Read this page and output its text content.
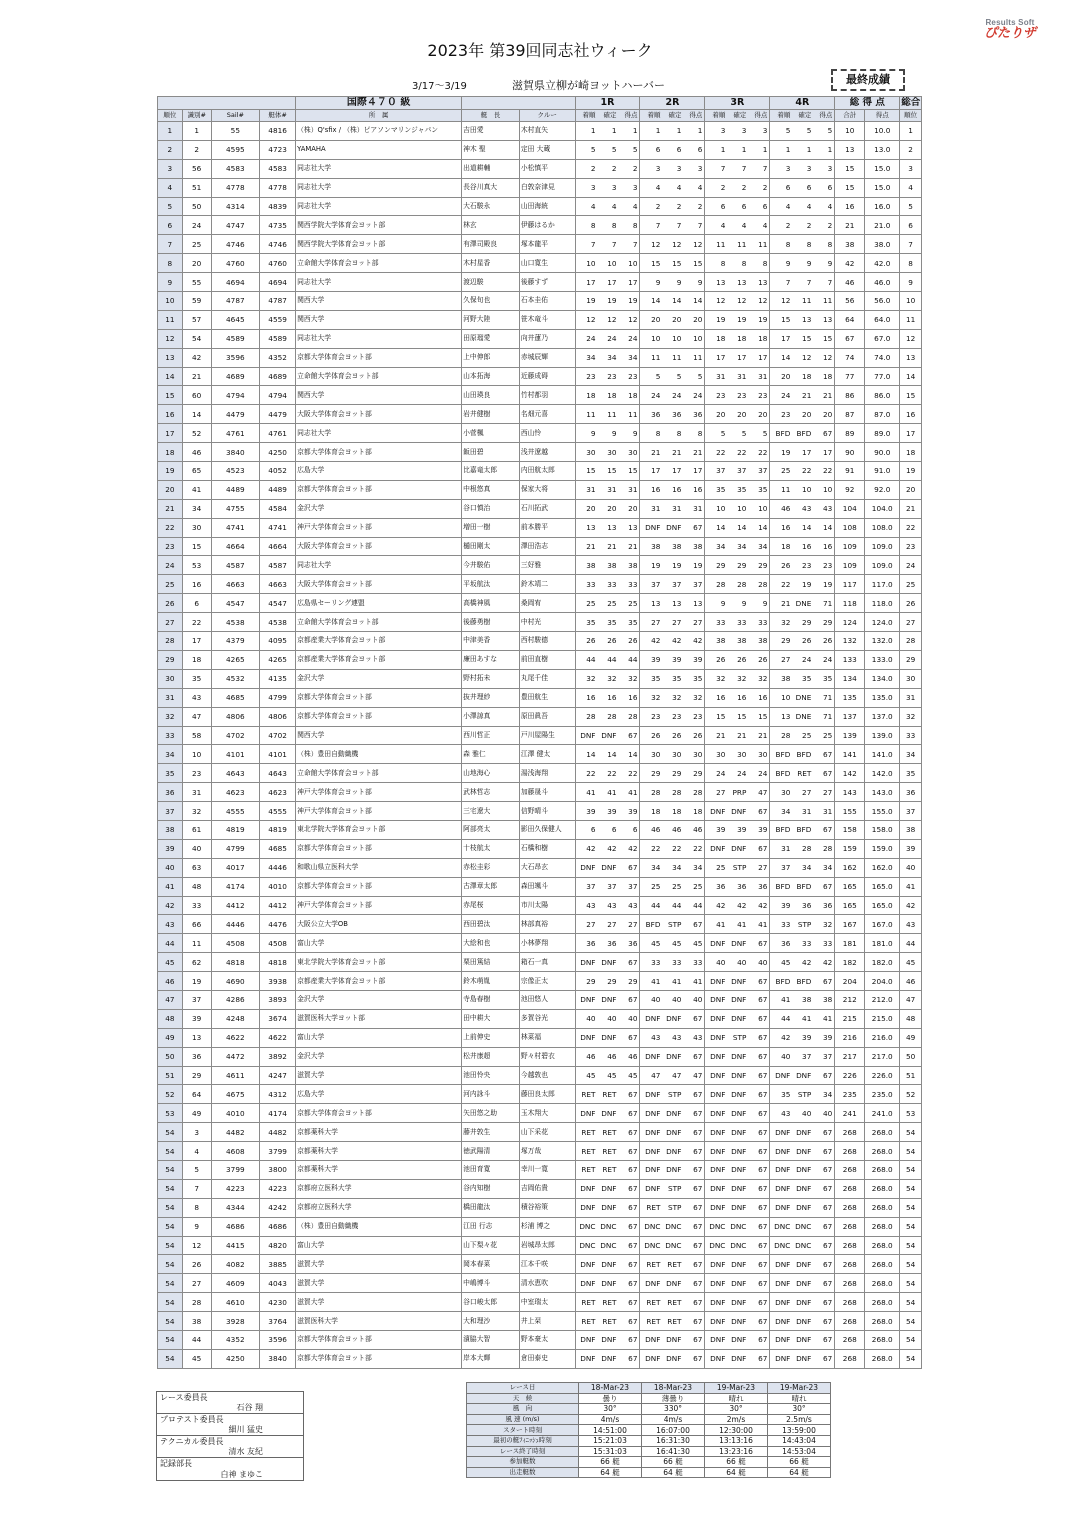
Results Soft
ぴたりザ
2023年 第39回同志社ウィーク
3/17～3/19	滋賀県立柳が崎ヨットハーバー	最終成績
				国際４７０ 級			1R	2R	3R	4R	総 得 点		総合
順位	識別#	Sail#	艇体#	所　属	艇　長	クルー	着順 確定 得点	着順 確定 得点	着順 確定 得点	着順 確定 得点	合計	得点	順位
1	1	55	4816	（株）Q'sfix / （株）ピアソンマリンジャパン	吉田愛	木村直矢	1 1 1	1 1 1	3 3 3	5 5 5	10	10.0	1
2	2	4595	4723	YAMAHA	神木 聖	定田 大蔵	5 5 5	6 6 6	1 1 1	1 1 1	13	13.0	2
3	56	4583	4583	同志社大学	出道耕輔	小松慎平	2 2 2	3 3 3	7 7 7	3 3 3	15	15.0	3
4	51	4778	4778	同志社大学	長谷川真大	白敦奈津見	3 3 3	4 4 4	2 2 2	6 6 6	15	15.0	4
5	50	4314	4839	同志社大学	大石駿永	山田海統	4 4 4	2 2 2	6 6 6	4 4 4	16	16.0	5
6	24	4747	4735	関西学院大学体育会ヨット部	林玄	伊藤はるか	8 8 8	7 7 7	4 4 4	2 2 2	21	21.0	6
7	25	4746	4746	関西学院大学体育会ヨット部	有澤司殿良	塚本龍平	7 7 7	12 12 12	11 11 11	8 8 8	38	38.0	7
8	20	4760	4760	立命館大学体育会ヨット部	木村星香	山口寛生	10 10 10	15 15 15	8 8 8	9 9 9	42	42.0	8
9	55	4694	4694	同志社大学	渡辺駿	後藤すず	17 17 17	9 9 9	13 13 13	7 7 7	46	46.0	9
10	59	4787	4787	関西大学	久保旬也	石本圭佑	19 19 19	14 14 14	12 12 12	12 11 11	56	56.0	10
11	57	4645	4559	関西大学	河野大陸	笹木竜斗	12 12 12	20 20 20	19 19 19	15 13 13	64	64.0	11
12	54	4589	4589	同志社大学	田原瑠愛	向井蓮乃	24 24 24	10 10 10	18 18 18	17 15 15	67	67.0	12
13	42	3596	4352	京都大学体育会ヨット部	上中伸郎	赤城辰輝	34 34 34	11 11 11	17 17 17	14 12 12	74	74.0	13
14	21	4689	4689	立命館大学体育会ヨット部	山本拓海	近藤成碍	23 23 23	5 5 5	31 31 31	20 18 18	77	77.0	14
15	60	4794	4794	関西大学	山田瑛良	竹村都羽	18 18 18	24 24 24	23 23 23	24 21 21	86	86.0	15
16	14	4479	4479	大阪大学体育会ヨット部	岩井健樹	名畑元喜	11 11 11	36 36 36	20 20 20	23 20 20	87	87.0	16
17	52	4761	4761	同志社大学	小菅楓	西山怜	9 9 9	8 8 8	5 5 5	BFD BFD 67	89	89.0	17
18	46	3840	4250	京都大学体育会ヨット部	飯田碧	浅井遼越	30 30 30	21 21 21	22 22 22	19 17 17	90	90.0	18
19	65	4523	4052	広島大学	比嘉竜太郎	内田航太郎	15 15 15	17 17 17	37 37 37	25 22 22	91	91.0	19
20	41	4489	4489	京都大学体育会ヨット部	中根悠真	保家大将	31 31 31	16 16 16	35 35 35	11 10 10	92	92.0	20
21	34	4755	4584	金沢大学	谷口慎治	石川拓武	20 20 20	31 31 31	10 10 10	46 43 43	104	104.0	21
22	30	4741	4741	神戸大学体育会ヨット部	増田一樹	前本勝平	13 13 13	DNF DNF 67	14 14 14	16 14 14	108	108.0	22
23	15	4664	4664	大阪大学体育会ヨット部	樋田剛太	澤田浩志	21 21 21	38 38 38	34 34 34	18 16 16	109	109.0	23
24	53	4587	4587	同志社大学	今井駿佑	三好雅	38 38 38	19 19 19	29 29 29	26 23 23	109	109.0	24
25	16	4663	4663	大阪大学体育会ヨット部	平坂航汰	鈴木靖二	33 33 33	37 37 37	28 28 28	22 19 19	117	117.0	25
26	6	4547	4547	広島県セーリング連盟	高橋神風	桑岡宥	25 25 25	13 13 13	9 9 9	21 DNE 71	118	118.0	26
27	22	4538	4538	立命館大学体育会ヨット部	後藤勇樹	中村光	35 35 35	27 27 27	33 33 33	32 29 29	124	124.0	27
28	17	4379	4095	京都産業大学体育会ヨット部	中津美香	西村駿德	26 26 26	42 42 42	38 38 38	29 26 26	132	132.0	28
29	18	4265	4265	京都産業大学体育会ヨット部	廉田あすな	前田直樹	44 44 44	39 39 39	26 26 26	27 24 24	133	133.0	29
30	35	4532	4135	金沢大学	野村拓未	丸尾千佳	32 32 32	35 35 35	32 32 32	38 35 35	134	134.0	30
31	43	4685	4799	京都大学体育会ヨット部	抜井理紗	豊田航生	16 16 16	32 32 32	16 16 16	10 DNE 71	135	135.0	31
32	47	4806	4806	京都大学体育会ヨット部	小澤諒真	原田眞吾	28 28 28	23 23 23	15 15 15	13 DNE 71	137	137.0	32
33	58	4702	4702	関西大学	西川哲正	戸川屋陽生	DNF DNF 67	26 26 26	21 21 21	28 25 25	139	139.0	33
34	10	4101	4101	（株）豊田自動織機	森 雅仁	江澤 健太	14 14 14	30 30 30	30 30 30	BFD BFD 67	141	141.0	34
35	23	4643	4643	立命館大学体育会ヨット部	山地海心	湯浅海翔	22 22 22	29 29 29	24 24 24	BFD RET 67	142	142.0	35
36	31	4623	4623	神戸大学体育会ヨット部	武林哲志	加藤晟斗	41 41 41	28 28 28	27 PRP 47	30 27 27	143	143.0	36
37	32	4555	4555	神戸大学体育会ヨット部	三宅遼大	信野晴斗	39 39 39	18 18 18	DNF DNF 67	34 31 31	155	155.0	37
38	61	4819	4819	東北学院大学体育会ヨット部	阿部亮太	影田久保健人	6 6 6	46 46 46	39 39 39	BFD BFD 67	158	158.0	38
39	40	4799	4685	京都大学体育会ヨット部	十枝航太	石橋和樹	42 42 42	22 22 22	DNF DNF 67	31 28 28	159	159.0	39
40	63	4017	4446	和歌山県立医科大学	赤松圭彩	大石昂玄	DNF DNF 67	34 34 34	25 STP 27	37 34 34	162	162.0	40
41	48	4174	4010	京都大学体育会ヨット部	古澤章太郎	森田颯斗	37 37 37	25 25 25	36 36 36	BFD BFD 67	165	165.0	41
42	33	4412	4412	神戸大学体育会ヨット部	赤尾桜	市川太陽	43 43 43	44 44 44	42 42 42	39 36 36	165	165.0	42
43	66	4446	4476	大阪公立大学OB	西田碧汰	林部真裕	27 27 27	BFD STP 67	41 41 41	33 STP 32	167	167.0	43
44	11	4508	4508	富山大学	大絵和也	小林夢翔	36 36 36	45 45 45	DNF DNF 67	36 33 33	181	181.0	44
45	62	4818	4818	東北学院大学体育会ヨット部	栗田篤結	箱石一真	DNF DNF 67	33 33 33	40 40 40	45 42 42	182	182.0	45
46	19	4690	3938	京都産業大学体育会ヨット部	鈴木萌胤	宗像正太	29 29 29	41 41 41	DNF DNF 67	BFD BFD 67	204	204.0	46
47	37	4286	3893	金沢大学	寺島春樹	池田悠人	DNF DNF 67	40 40 40	DNF DNF 67	41 38 38	212	212.0	47
48	39	4248	3674	滋賀医科大学ヨット部	田中耕大	多賀谷光	40 40 40	DNF DNF 67	DNF DNF 67	44 41 41	215	215.0	48
49	13	4622	4622	富山大学	上前伸史	林菜福	DNF DNF 67	43 43 43	DNF STP 67	42 39 39	216	216.0	49
50	36	4472	3892	金沢大学	松井康超	野々村碧衣	46 46 46	DNF DNF 67	DNF DNF 67	40 37 37	217	217.0	50
51	29	4611	4247	滋賀大学	池田怜央	今越敦也	45 45 45	47 47 47	DNF DNF 67	DNF DNF 67	226	226.0	51
52	64	4675	4312	広島大学	河内詠斗	藤田良太郎	RET RET 67	DNF STP 67	DNF DNF 67	35 STP 34	235	235.0	52
53	49	4010	4174	京都大学体育会ヨット部	矢田悠之助	玉木翔大	DNF DNF 67	DNF DNF 67	DNF DNF 67	43 40 40	241	241.0	53
54	3	4482	4482	京都薬科大学	藤井敦生	山下采花	RET RET 67	DNF DNF 67	DNF DNF 67	DNF DNF 67	268	268.0	54
54	4	4608	3799	京都薬科大学	徳武陽清	塚万哉	RET RET 67	DNF DNF 67	DNF DNF 67	DNF DNF 67	268	268.0	54
54	5	3799	3800	京都薬科大学	池田育寛	幸川一寛	RET RET 67	DNF DNF 67	DNF DNF 67	DNF DNF 67	268	268.0	54
54	7	4223	4223	京都府立医科大学	谷内知樹	吉岡佑貴	DNF DNF 67	DNF STP 67	DNF DNF 67	DNF DNF 67	268	268.0	54
54	8	4344	4242	京都府立医科大学	橋田龍汰	積谷裕策	DNF DNF 67	RET STP 67	DNF DNF 67	DNF DNF 67	268	268.0	54
54	9	4686	4686	（株）豊田自動織機	江田 行志	杉浦 博之	DNC DNC 67	DNC DNC 67	DNC DNC 67	DNC DNC 67	268	268.0	54
54	12	4415	4820	富山大学	山下梨々花	岩城昂太郎	DNC DNC 67	DNC DNC 67	DNC DNC 67	DNC DNC 67	268	268.0	54
54	26	4082	3885	滋賀大学	岡本春菜	江本千咲	DNF DNF 67	RET RET 67	DNF DNF 67	DNF DNF 67	268	268.0	54
54	27	4609	4043	滋賀大学	中嶋博斗	清水恵吹	DNF DNF 67	DNF DNF 67	DNF DNF 67	DNF DNF 67	268	268.0	54
54	28	4610	4230	滋賀大学	谷口峻太郎	中室瑞太	RET RET 67	RET RET 67	DNF DNF 67	DNF DNF 67	268	268.0	54
54	38	3928	3764	滋賀医科大学	大和理沙	井上栞	RET RET 67	RET RET 67	DNF DNF 67	DNF DNF 67	268	268.0	54
54	44	4352	3596	京都大学体育会ヨット部	濱脇大智	野本豪太	DNF DNF 67	DNF DNF 67	DNF DNF 67	DNF DNF 67	268	268.0	54
54	45	4250	3840	京都大学体育会ヨット部	岸本大輝	倉田泰史	DNF DNF 67	DNF DNF 67	DNF DNF 67	DNF DNF 67	268	268.0	54
レース委員長
石谷 翔
プロテスト委員長
細川 猛史
テクニカル委員長
清水 友紀
記録部長
白神 まゆこ
レース日	18-Mar-23	18-Mar-23	19-Mar-23	19-Mar-23
天　候	曇り	薄曇り	晴れ	晴れ
風　向	30°	330°	30°	30°
風 速 (m/s)	4m/s	4m/s	2m/s	2.5m/s
スタート時刻	14:51:00	16:07:00	12:30:00	13:59:00
最初の艇ﾌｨﾆｯｼｭ時刻	15:21:03	16:31:30	13:13:16	14:43:04
レース終了時刻	15:31:03	16:41:30	13:23:16	14:53:04
参加艇数	66 艇	66 艇	66 艇	66 艇
出走艇数	64 艇	64 艇	64 艇	64 艇
